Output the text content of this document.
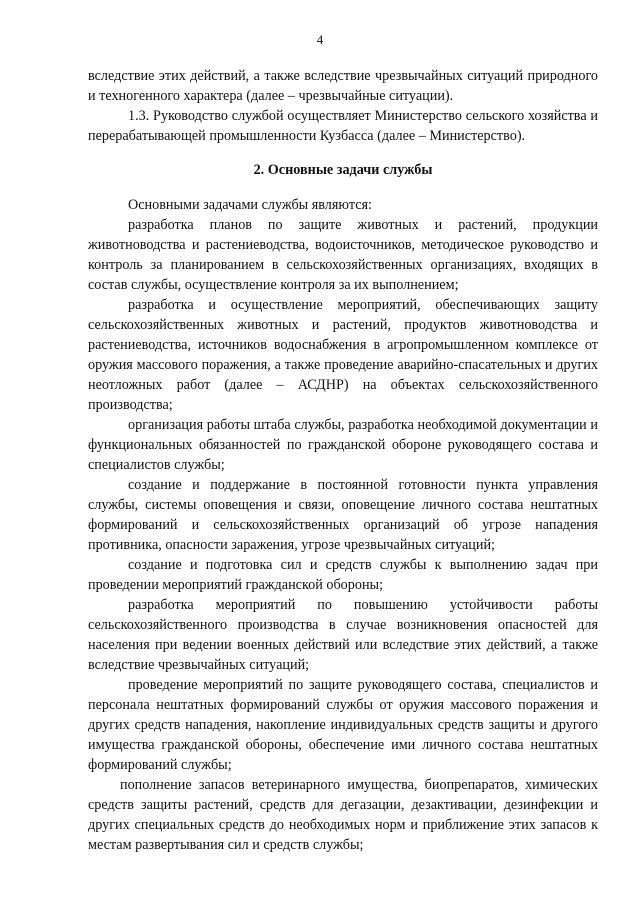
4

вследствие этих действий, а также вследствие чрезвычайных ситуаций природного и техногенного характера (далее – чрезвычайные ситуации).

1.3. Руководство службой осуществляет Министерство сельского хозяйства и перерабатывающей промышленности Кузбасса (далее – Министерство).

2. Основные задачи службы

Основными задачами службы являются:

разработка планов по защите животных и растений, продукции животноводства и растениеводства, водоисточников, методическое руководство и контроль за планированием в сельскохозяйственных организациях, входящих в состав службы, осуществление контроля за их выполнением;

разработка и осуществление мероприятий, обеспечивающих защиту сельскохозяйственных животных и растений, продуктов животноводства и растениеводства, источников водоснабжения в агропромышленном комплексе от оружия массового поражения, а также проведение аварийно-спасательных и других неотложных работ (далее – АСДНР) на объектах сельскохозяйственного производства;

организация работы штаба службы, разработка необходимой документации и функциональных обязанностей по гражданской обороне руководящего состава и специалистов службы;

создание и поддержание в постоянной готовности пункта управления службы, системы оповещения и связи, оповещение личного состава нештатных формирований и сельскохозяйственных организаций об угрозе нападения противника, опасности заражения, угрозе чрезвычайных ситуаций;

создание и подготовка сил и средств службы к выполнению задач при проведении мероприятий гражданской обороны;

разработка мероприятий по повышению устойчивости работы сельскохозяйственного производства в случае возникновения опасностей для населения при ведении военных действий или вследствие этих действий, а также вследствие чрезвычайных ситуаций;

проведение мероприятий по защите руководящего состава, специалистов и персонала нештатных формирований службы от оружия массового поражения и других средств нападения, накопление индивидуальных средств защиты и другого имущества гражданской обороны, обеспечение ими личного состава нештатных формирований службы;

пополнение запасов ветеринарного имущества, биопрепаратов, химических средств защиты растений, средств для дегазации, дезактивации, дезинфекции и других специальных средств до необходимых норм и приближение этих запасов к местам развертывания сил и средств службы;
